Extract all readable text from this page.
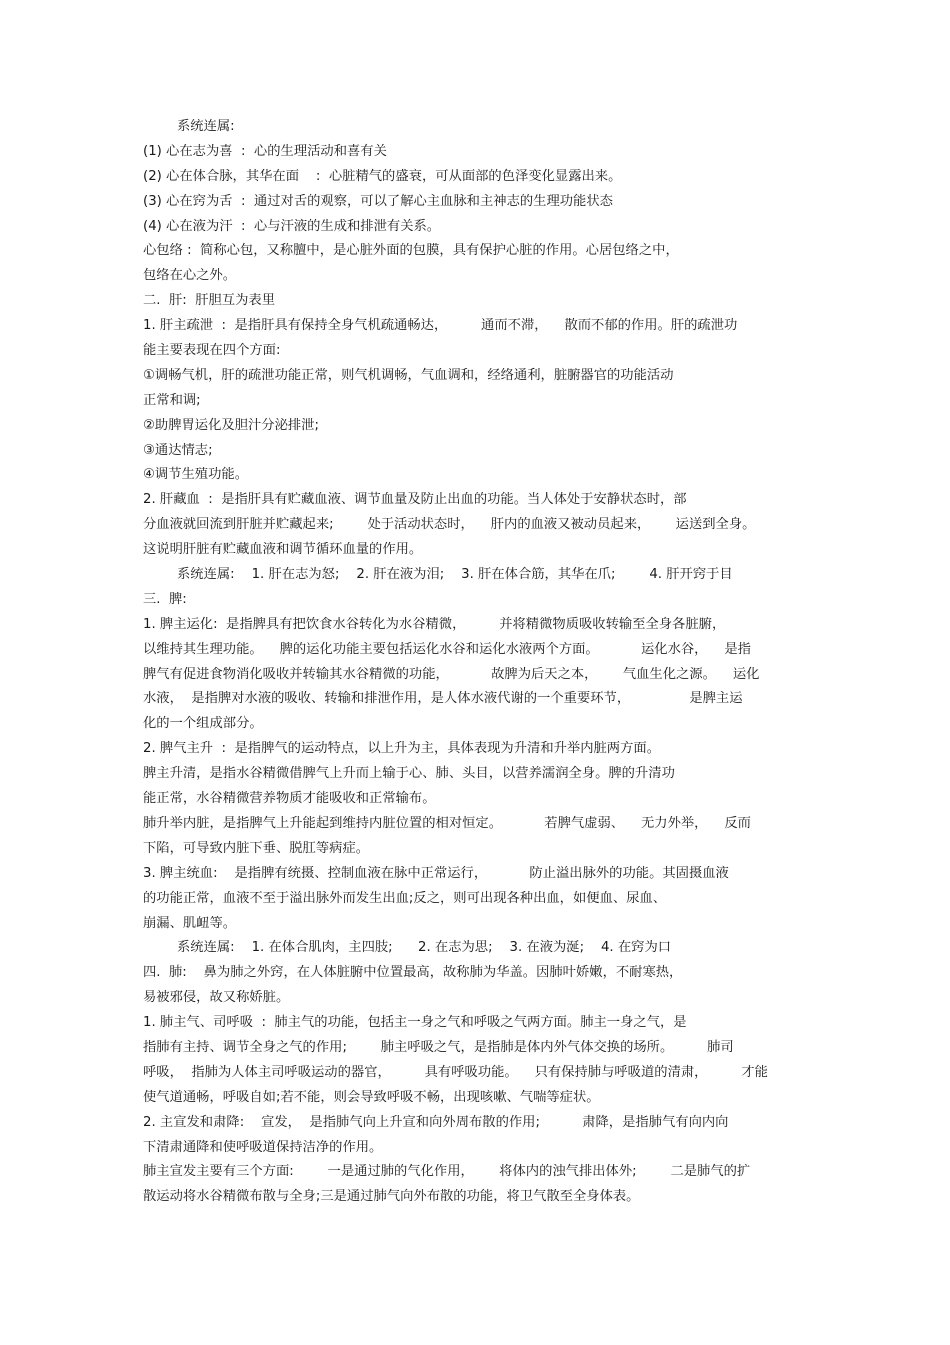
系统连属:
(1) 心在志为喜  :  心的生理活动和喜有关
(2) 心在体合脉，其华在面    :  心脏精气的盛衰，可从面部的色泽变化显露出来。
(3) 心在窍为舌  :  通过对舌的观察，可以了解心主血脉和主神志的生理功能状态
(4) 心在液为汗  :  心与汗液的生成和排泄有关系。
心包络 :  简称心包，又称膻中，是心脏外面的包膜，具有保护心脏的作用。心居包络之中，
包络在心之外。
二.  肝:  肝胆互为表里
1. 肝主疏泄  :  是指肝具有保持全身气机疏通畅达，        通而不滞，    散而不郁的作用。肝的疏泄功
能主要表现在四个方面:
①调畅气机，肝的疏泄功能正常，则气机调畅，气血调和，经络通利，脏腑器官的功能活动
正常和调;
②助脾胃运化及胆汁分泌排泄;
③通达情志;
④调节生殖功能。
2. 肝藏血  :  是指肝具有贮藏血液、调节血量及防止出血的功能。当人体处于安静状态时，部
分血液就回流到肝脏并贮藏起来;        处于活动状态时，    肝内的血液又被动员起来，      运送到全身。
这说明肝脏有贮藏血液和调节循环血量的作用。
系统连属:    1. 肝在志为怒;    2. 肝在液为泪;    3. 肝在体合筋，其华在爪;        4. 肝开窍于目
三.  脾:
1. 脾主运化:  是指脾具有把饮食水谷转化为水谷精微，        并将精微物质吸收转输至全身各脏腑，
以维持其生理功能。    脾的运化功能主要包括运化水谷和运化水液两个方面。          运化水谷，    是指
脾气有促进食物消化吸收并转输其水谷精微的功能，          故脾为后天之本，      气血生化之源。    运化
水液，  是指脾对水液的吸收、转输和排泄作用，是人体水液代谢的一个重要环节，              是脾主运
化的一个组成部分。
2. 脾气主升  :  是指脾气的运动特点，以上升为主，具体表现为升清和升举内脏两方面。
脾主升清，是指水谷精微借脾气上升而上输于心、肺、头目，以营养濡润全身。脾的升清功
能正常，水谷精微营养物质才能吸收和正常输布。
肺升举内脏，是指脾气上升能起到维持内脏位置的相对恒定。          若脾气虚弱、    无力外举，    反而
下陷，可导致内脏下垂、脱肛等病症。
3. 脾主统血:    是指脾有统摄、控制血液在脉中正常运行，          防止溢出脉外的功能。其固摄血液
的功能正常，血液不至于溢出脉外而发生出血;反之，则可出现各种出血，如便血、尿血、
崩漏、肌衄等。
系统连属:    1. 在体合肌肉，主四肢;      2. 在志为思;    3. 在液为涎;    4. 在窍为口
四.  肺:    鼻为肺之外窍，在人体脏腑中位置最高，故称肺为华盖。因肺叶娇嫩，不耐寒热，
易被邪侵，故又称娇脏。
1. 肺主气、司呼吸  :  肺主气的功能，包括主一身之气和呼吸之气两方面。肺主一身之气，是
指肺有主持、调节全身之气的作用;        肺主呼吸之气，是指肺是体内外气体交换的场所。        肺司
呼吸，  指肺为人体主司呼吸运动的器官，        具有呼吸功能。    只有保持肺与呼吸道的清肃，        才能
使气道通畅，呼吸自如;若不能，则会导致呼吸不畅，出现咳嗽、气喘等症状。
2. 主宣发和肃降:    宣发，  是指肺气向上升宣和向外周布散的作用;          肃降，是指肺气有向内向
下清肃通降和使呼吸道保持洁净的作用。
肺主宣发主要有三个方面:        一是通过肺的气化作用，      将体内的浊气排出体外;        二是肺气的扩
散运动将水谷精微布散与全身;三是通过肺气向外布散的功能，将卫气散至全身体表。
